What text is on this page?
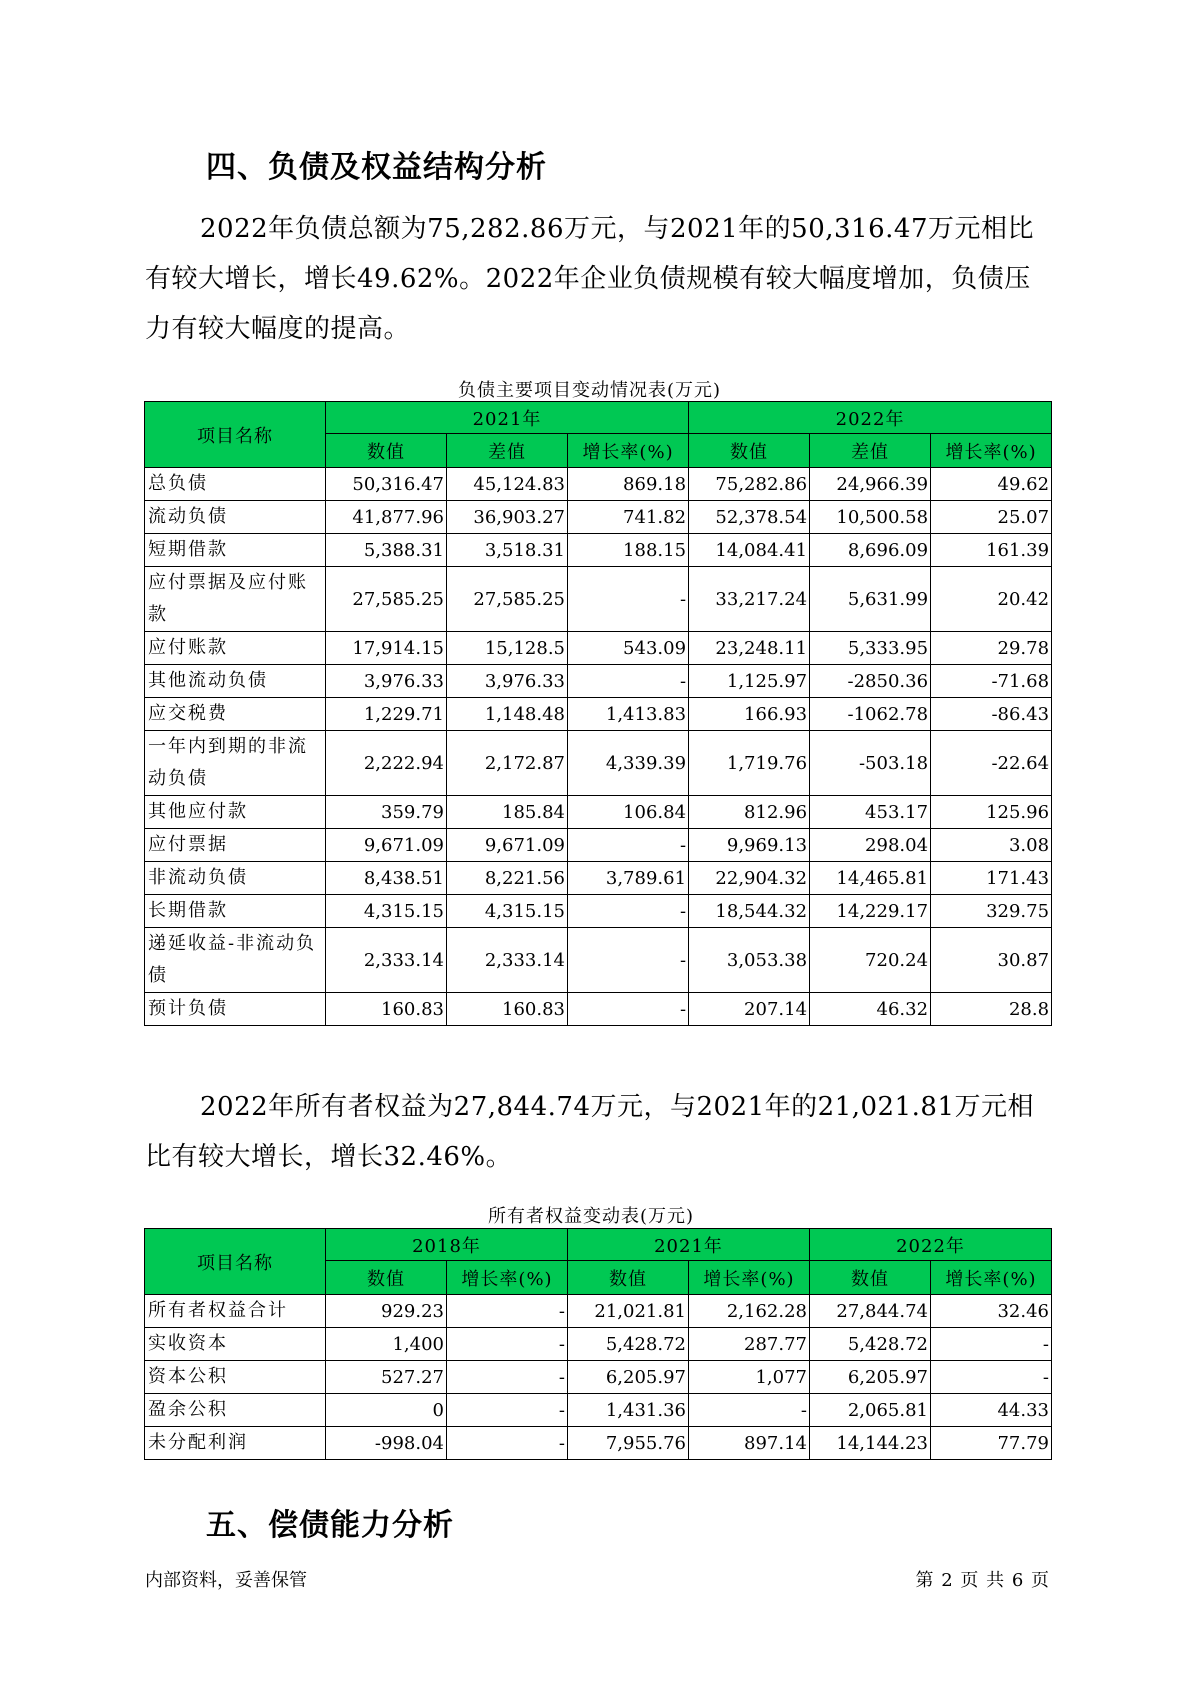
四、负债及权益结构分析

2022年负债总额为75,282.86万元，与2021年的50,316.47万元相比有较大增长，增长49.62%。2022年企业负债规模有较大幅度增加，负债压力有较大幅度的提高。

负债主要项目变动情况表(万元)
项目名称	2021年			2022年		
	数值	差值	增长率(%)	数值	差值	增长率(%)
总负债	50,316.47	45,124.83	869.18	75,282.86	24,966.39	49.62
流动负债	41,877.96	36,903.27	741.82	52,378.54	10,500.58	25.07
短期借款	5,388.31	3,518.31	188.15	14,084.41	8,696.09	161.39
应付票据及应付账款	27,585.25	27,585.25	-	33,217.24	5,631.99	20.42
应付账款	17,914.15	15,128.5	543.09	23,248.11	5,333.95	29.78
其他流动负债	3,976.33	3,976.33	-	1,125.97	-2850.36	-71.68
应交税费	1,229.71	1,148.48	1,413.83	166.93	-1062.78	-86.43
一年内到期的非流动负债	2,222.94	2,172.87	4,339.39	1,719.76	-503.18	-22.64
其他应付款	359.79	185.84	106.84	812.96	453.17	125.96
应付票据	9,671.09	9,671.09	-	9,969.13	298.04	3.08
非流动负债	8,438.51	8,221.56	3,789.61	22,904.32	14,465.81	171.43
长期借款	4,315.15	4,315.15	-	18,544.32	14,229.17	329.75
递延收益-非流动负债	2,333.14	2,333.14	-	3,053.38	720.24	30.87
预计负债	160.83	160.83	-	207.14	46.32	28.8

2022年所有者权益为27,844.74万元，与2021年的21,021.81万元相比有较大增长，增长32.46%。

所有者权益变动表(万元)
项目名称	2018年		2021年		2022年	
	数值	增长率(%)	数值	增长率(%)	数值	增长率(%)
所有者权益合计	929.23	-	21,021.81	2,162.28	27,844.74	32.46
实收资本	1,400	-	5,428.72	287.77	5,428.72	-
资本公积	527.27	-	6,205.97	1,077	6,205.97	-
盈余公积	0	-	1,431.36	-	2,065.81	44.33
未分配利润	-998.04	-	7,955.76	897.14	14,144.23	77.79
五、偿债能力分析
内部资料，妥善保管	第 2 页 共 6 页
